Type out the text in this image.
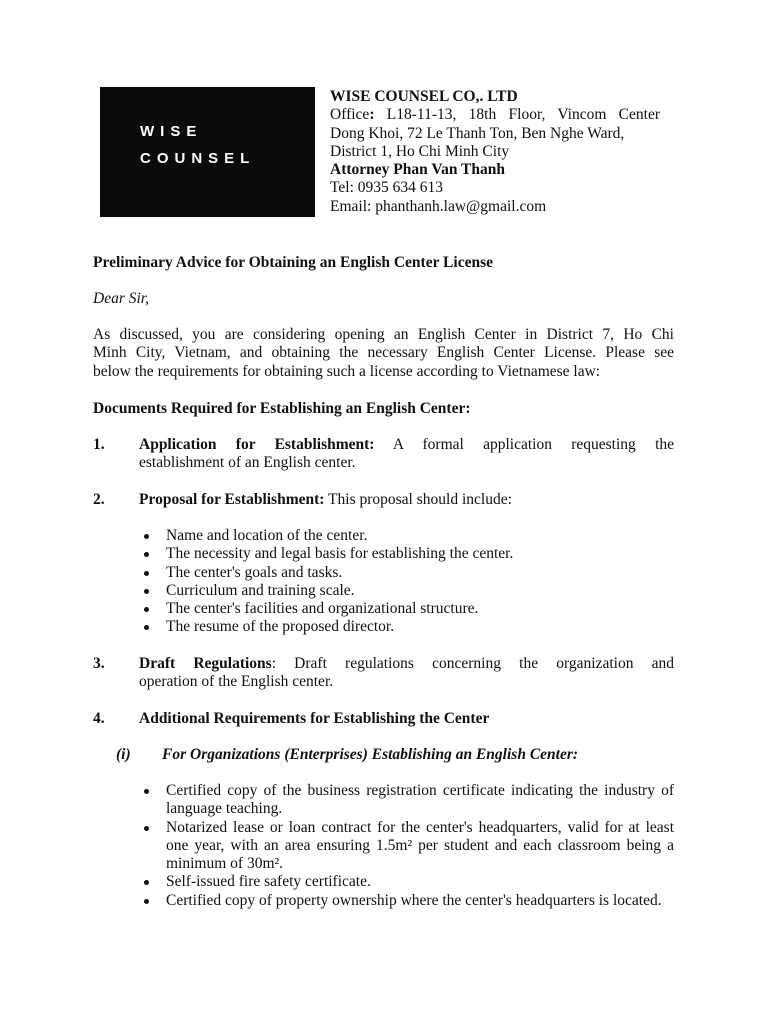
WISE
COUNSEL
WISE COUNSEL CO,. LTD
Office: L18-11-13, 18th Floor, Vincom Center
Dong Khoi, 72 Le Thanh Ton, Ben Nghe Ward,
District 1, Ho Chi Minh City
Attorney Phan Van Thanh
Tel: 0935 634 613
Email: phanthanh.law@gmail.com
Preliminary Advice for Obtaining an English Center License
Dear Sir,
As discussed, you are considering opening an English Center in District 7, Ho Chi
Minh City, Vietnam, and obtaining the necessary English Center License. Please see
below the requirements for obtaining such a license according to Vietnamese law:
Documents Required for Establishing an English Center:
1. Application for Establishment: A formal application requesting the
establishment of an English center.
2. Proposal for Establishment: This proposal should include:
Name and location of the center.
The necessity and legal basis for establishing the center.
The center's goals and tasks.
Curriculum and training scale.
The center's facilities and organizational structure.
The resume of the proposed director.
3. Draft Regulations: Draft regulations concerning the organization and
operation of the English center.
4. Additional Requirements for Establishing the Center
(i) For Organizations (Enterprises) Establishing an English Center:
Certified copy of the business registration certificate indicating the industry of language teaching.
Notarized lease or loan contract for the center's headquarters, valid for at least one year, with an area ensuring 1.5m² per student and each classroom being a minimum of 30m².
Self-issued fire safety certificate.
Certified copy of property ownership where the center's headquarters is located.
